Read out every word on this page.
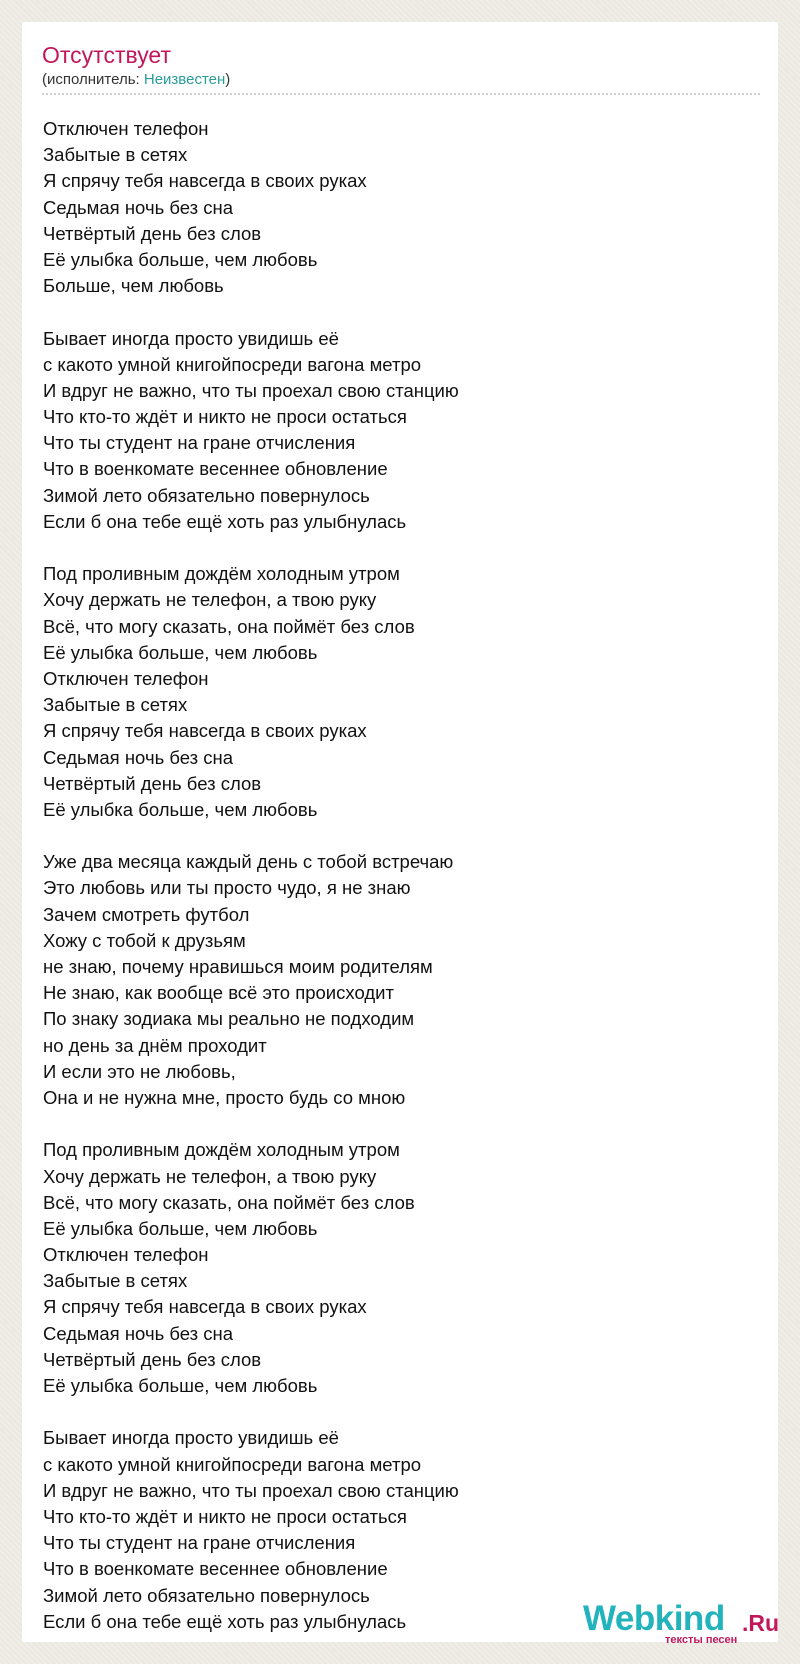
Отсутствует
(исполнитель: Неизвестен)
Отключен телефон
Забытые в сетях
Я спрячу тебя навсегда в своих руках
Седьмая ночь без сна
Четвёртый день без слов
Её улыбка больше, чем любовь
Больше, чем любовь
Бывает иногда просто увидишь её
с какото умной книгойпосреди вагона метро
И вдруг не важно, что ты проехал свою станцию
Что кто-то ждёт и никто не проси остаться
Что ты студент на гране отчисления
Что в военкомате весеннее обновление
Зимой лето обязательно повернулось
Если б она тебе ещё хоть раз улыбнулась
Под проливным дождём холодным утром
Хочу держать не телефон, а твою руку
Всё, что могу сказать, она поймёт без слов
Её улыбка больше, чем любовь
Отключен телефон
Забытые в сетях
Я спрячу тебя навсегда в своих руках
Седьмая ночь без сна
Четвёртый день без слов
Её улыбка больше, чем любовь
Уже два месяца каждый день с тобой встречаю
Это любовь или ты просто чудо, я не знаю
Зачем смотреть футбол
Хожу с тобой к друзьям
не знаю, почему нравишься моим родителям
Не знаю, как вообще всё это происходит
По знаку зодиака мы реально не подходим
но день за днём проходит
И если это не любовь,
Она и не нужна мне, просто будь со мною
Под проливным дождём холодным утром
Хочу держать не телефон, а твою руку
Всё, что могу сказать, она поймёт без слов
Её улыбка больше, чем любовь
Отключен телефон
Забытые в сетях
Я спрячу тебя навсегда в своих руках
Седьмая ночь без сна
Четвёртый день без слов
Её улыбка больше, чем любовь
Бывает иногда просто увидишь её
с какото умной книгойпосреди вагона метро
И вдруг не важно, что ты проехал свою станцию
Что кто-то ждёт и никто не проси остаться
Что ты студент на гране отчисления
Что в военкомате весеннее обновление
Зимой лето обязательно повернулось
Если б она тебе ещё хоть раз улыбнулась	Webkind .Ru
тексты песен
